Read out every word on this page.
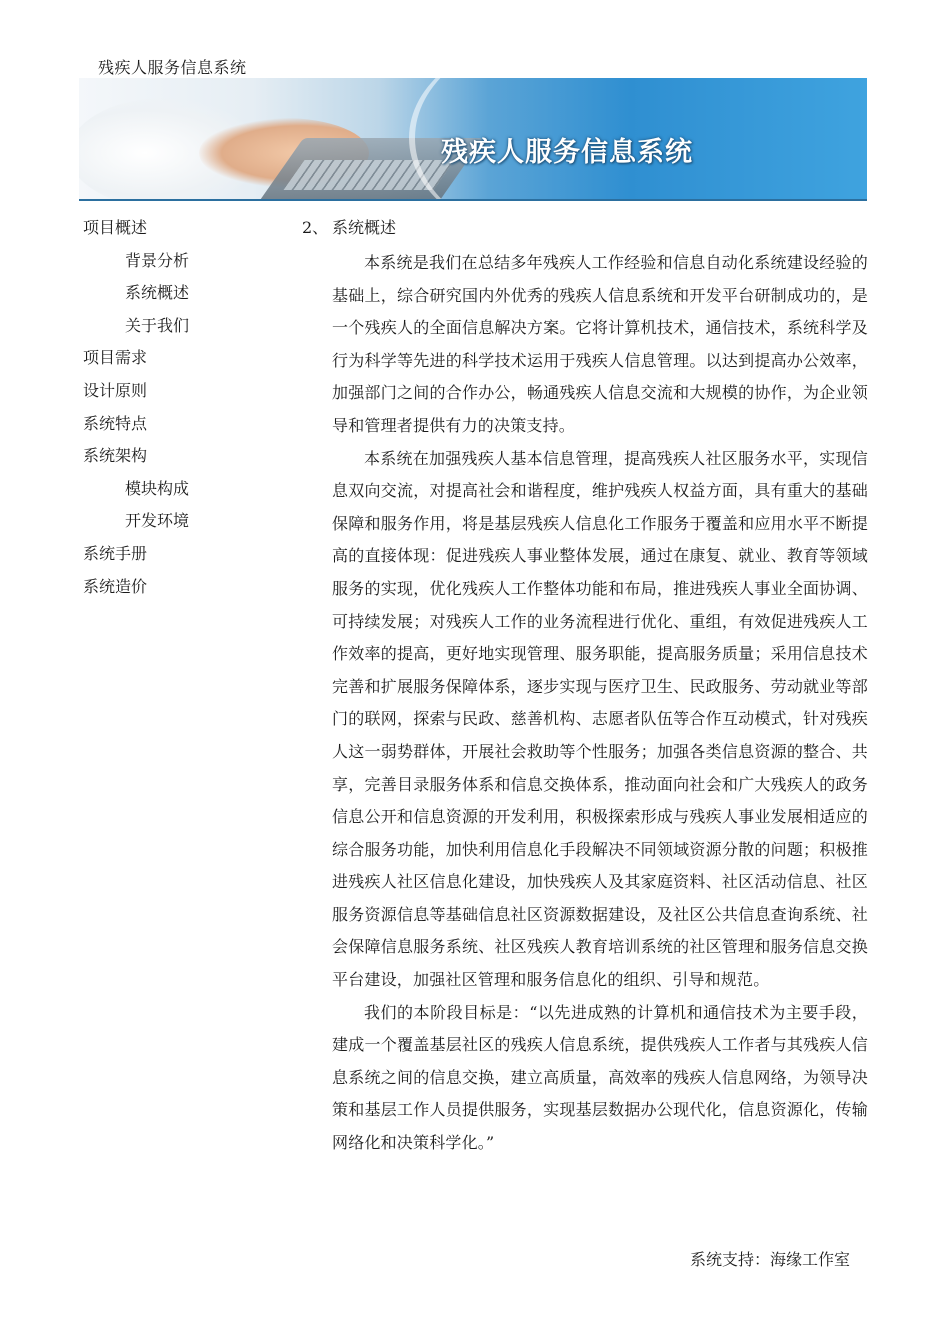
残疾人服务信息系统
残疾人服务信息系统
项目概述
背景分析
系统概述
关于我们
项目需求
设计原则
系统特点
系统架构
模块构成
开发环境
系统手册
系统造价
2、 系统概述

本系统是我们在总结多年残疾人工作经验和信息自动化系统建设经验的基础上，综合研究国内外优秀的残疾人信息系统和开发平台研制成功的，是一个残疾人的全面信息解决方案。它将计算机技术，通信技术，系统科学及行为科学等先进的科学技术运用于残疾人信息管理。以达到提高办公效率，加强部门之间的合作办公，畅通残疾人信息交流和大规模的协作，为企业领导和管理者提供有力的决策支持。

本系统在加强残疾人基本信息管理，提高残疾人社区服务水平，实现信息双向交流，对提高社会和谐程度，维护残疾人权益方面，具有重大的基础保障和服务作用，将是基层残疾人信息化工作服务于覆盖和应用水平不断提高的直接体现：促进残疾人事业整体发展，通过在康复、就业、教育等领域服务的实现，优化残疾人工作整体功能和布局，推进残疾人事业全面协调、可持续发展；对残疾人工作的业务流程进行优化、重组，有效促进残疾人工作效率的提高，更好地实现管理、服务职能，提高服务质量；采用信息技术完善和扩展服务保障体系，逐步实现与医疗卫生、民政服务、劳动就业等部门的联网，探索与民政、慈善机构、志愿者队伍等合作互动模式，针对残疾人这一弱势群体，开展社会救助等个性服务；加强各类信息资源的整合、共享，完善目录服务体系和信息交换体系，推动面向社会和广大残疾人的政务信息公开和信息资源的开发利用，积极探索形成与残疾人事业发展相适应的综合服务功能，加快利用信息化手段解决不同领域资源分散的问题；积极推进残疾人社区信息化建设，加快残疾人及其家庭资料、社区活动信息、社区服务资源信息等基础信息社区资源数据建设，及社区公共信息查询系统、社会保障信息服务系统、社区残疾人教育培训系统的社区管理和服务信息交换平台建设，加强社区管理和服务信息化的组织、引导和规范。

我们的本阶段目标是：“以先进成熟的计算机和通信技术为主要手段，建成一个覆盖基层社区的残疾人信息系统，提供残疾人工作者与其残疾人信息系统之间的信息交换，建立高质量，高效率的残疾人信息网络，为领导决策和基层工作人员提供服务，实现基层数据办公现代化，信息资源化，传输网络化和决策科学化。”

系统支持：海缘工作室
